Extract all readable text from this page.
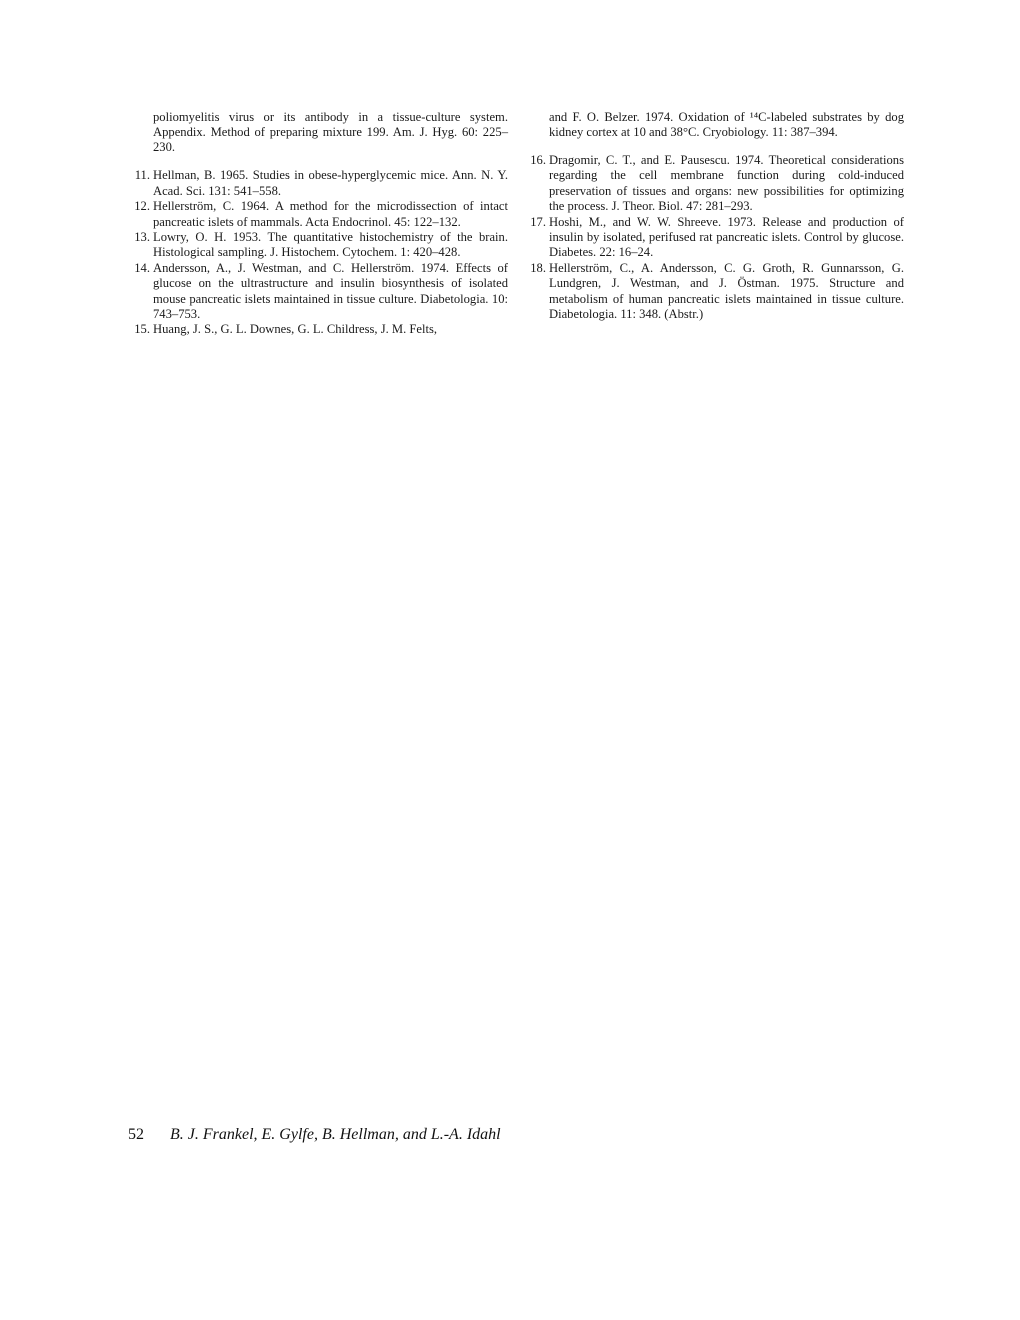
poliomyelitis virus or its antibody in a tissue-culture system. Appendix. Method of preparing mixture 199. Am. J. Hyg. 60: 225–230.

11. Hellman, B. 1965. Studies in obese-hyperglycemic mice. Ann. N. Y. Acad. Sci. 131: 541–558.

12. Hellerström, C. 1964. A method for the microdissection of intact pancreatic islets of mammals. Acta Endocrinol. 45: 122–132.

13. Lowry, O. H. 1953. The quantitative histochemistry of the brain. Histological sampling. J. Histochem. Cytochem. 1: 420–428.

14. Andersson, A., J. Westman, and C. Hellerström. 1974. Effects of glucose on the ultrastructure and insulin biosynthesis of isolated mouse pancreatic islets maintained in tissue culture. Diabetologia. 10: 743–753.

15. Huang, J. S., G. L. Downes, G. L. Childress, J. M. Felts,

and F. O. Belzer. 1974. Oxidation of ¹⁴C-labeled substrates by dog kidney cortex at 10 and 38°C. Cryobiology. 11: 387–394.

16. Dragomir, C. T., and E. Pausescu. 1974. Theoretical considerations regarding the cell membrane function during cold-induced preservation of tissues and organs: new possibilities for optimizing the process. J. Theor. Biol. 47: 281–293.

17. Hoshi, M., and W. W. Shreeve. 1973. Release and production of insulin by isolated, perifused rat pancreatic islets. Control by glucose. Diabetes. 22: 16–24.

18. Hellerström, C., A. Andersson, C. G. Groth, R. Gunnarsson, G. Lundgren, J. Westman, and J. Östman. 1975. Structure and metabolism of human pancreatic islets maintained in tissue culture. Diabetologia. 11: 348. (Abstr.)

52 B. J. Frankel, E. Gylfe, B. Hellman, and L.-A. Idahl
